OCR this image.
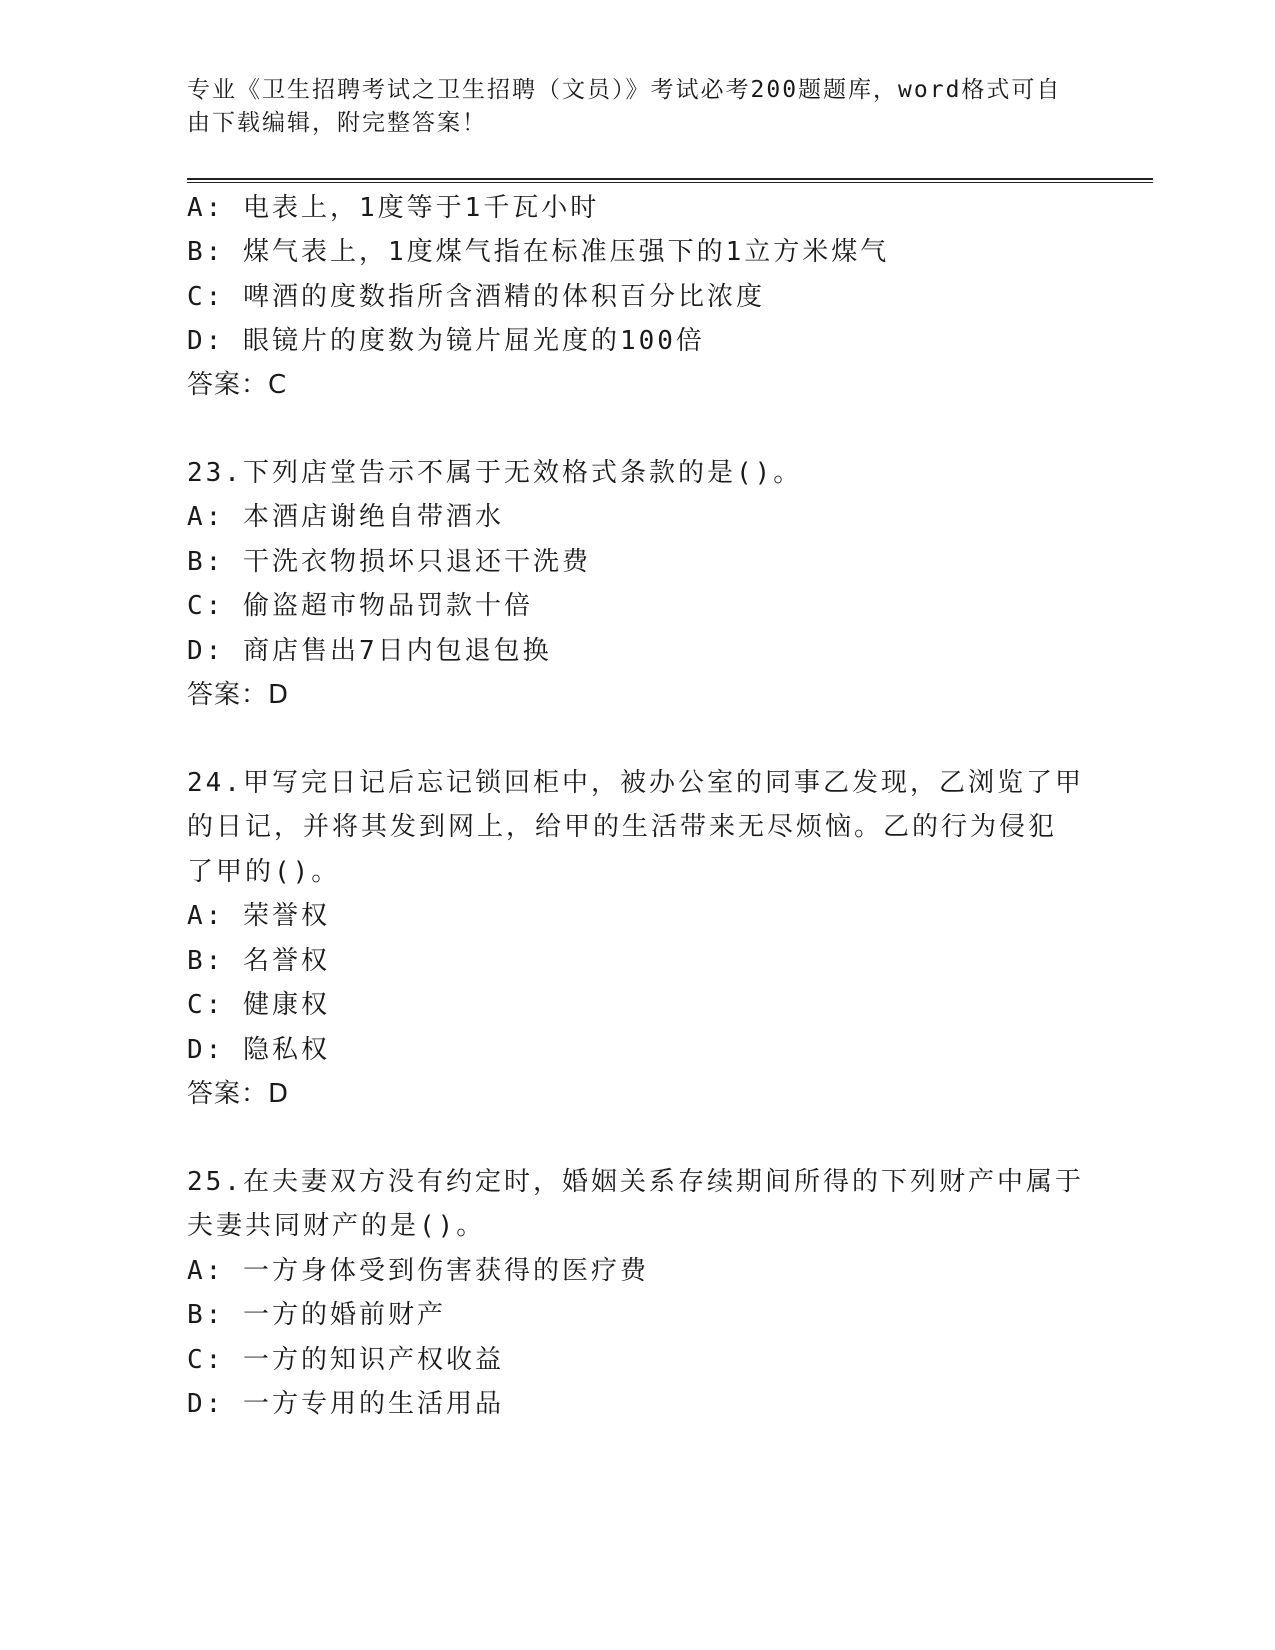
专业《卫生招聘考试之卫生招聘（文员）》考试必考200题题库，word格式可自
由下载编辑，附完整答案！
A: 电表上，1度等于1千瓦小时
B: 煤气表上，1度煤气指在标准压强下的1立方米煤气
C: 啤酒的度数指所含酒精的体积百分比浓度
D: 眼镜片的度数为镜片屈光度的100倍
答案：C
23.下列店堂告示不属于无效格式条款的是()。
A: 本酒店谢绝自带酒水
B: 干洗衣物损坏只退还干洗费
C: 偷盗超市物品罚款十倍
D: 商店售出7日内包退包换
答案：D
24.甲写完日记后忘记锁回柜中，被办公室的同事乙发现，乙浏览了甲
的日记，并将其发到网上，给甲的生活带来无尽烦恼。乙的行为侵犯
了甲的()。
A: 荣誉权
B: 名誉权
C: 健康权
D: 隐私权
答案：D
25.在夫妻双方没有约定时，婚姻关系存续期间所得的下列财产中属于
夫妻共同财产的是()。
A: 一方身体受到伤害获得的医疗费
B: 一方的婚前财产
C: 一方的知识产权收益
D: 一方专用的生活用品
